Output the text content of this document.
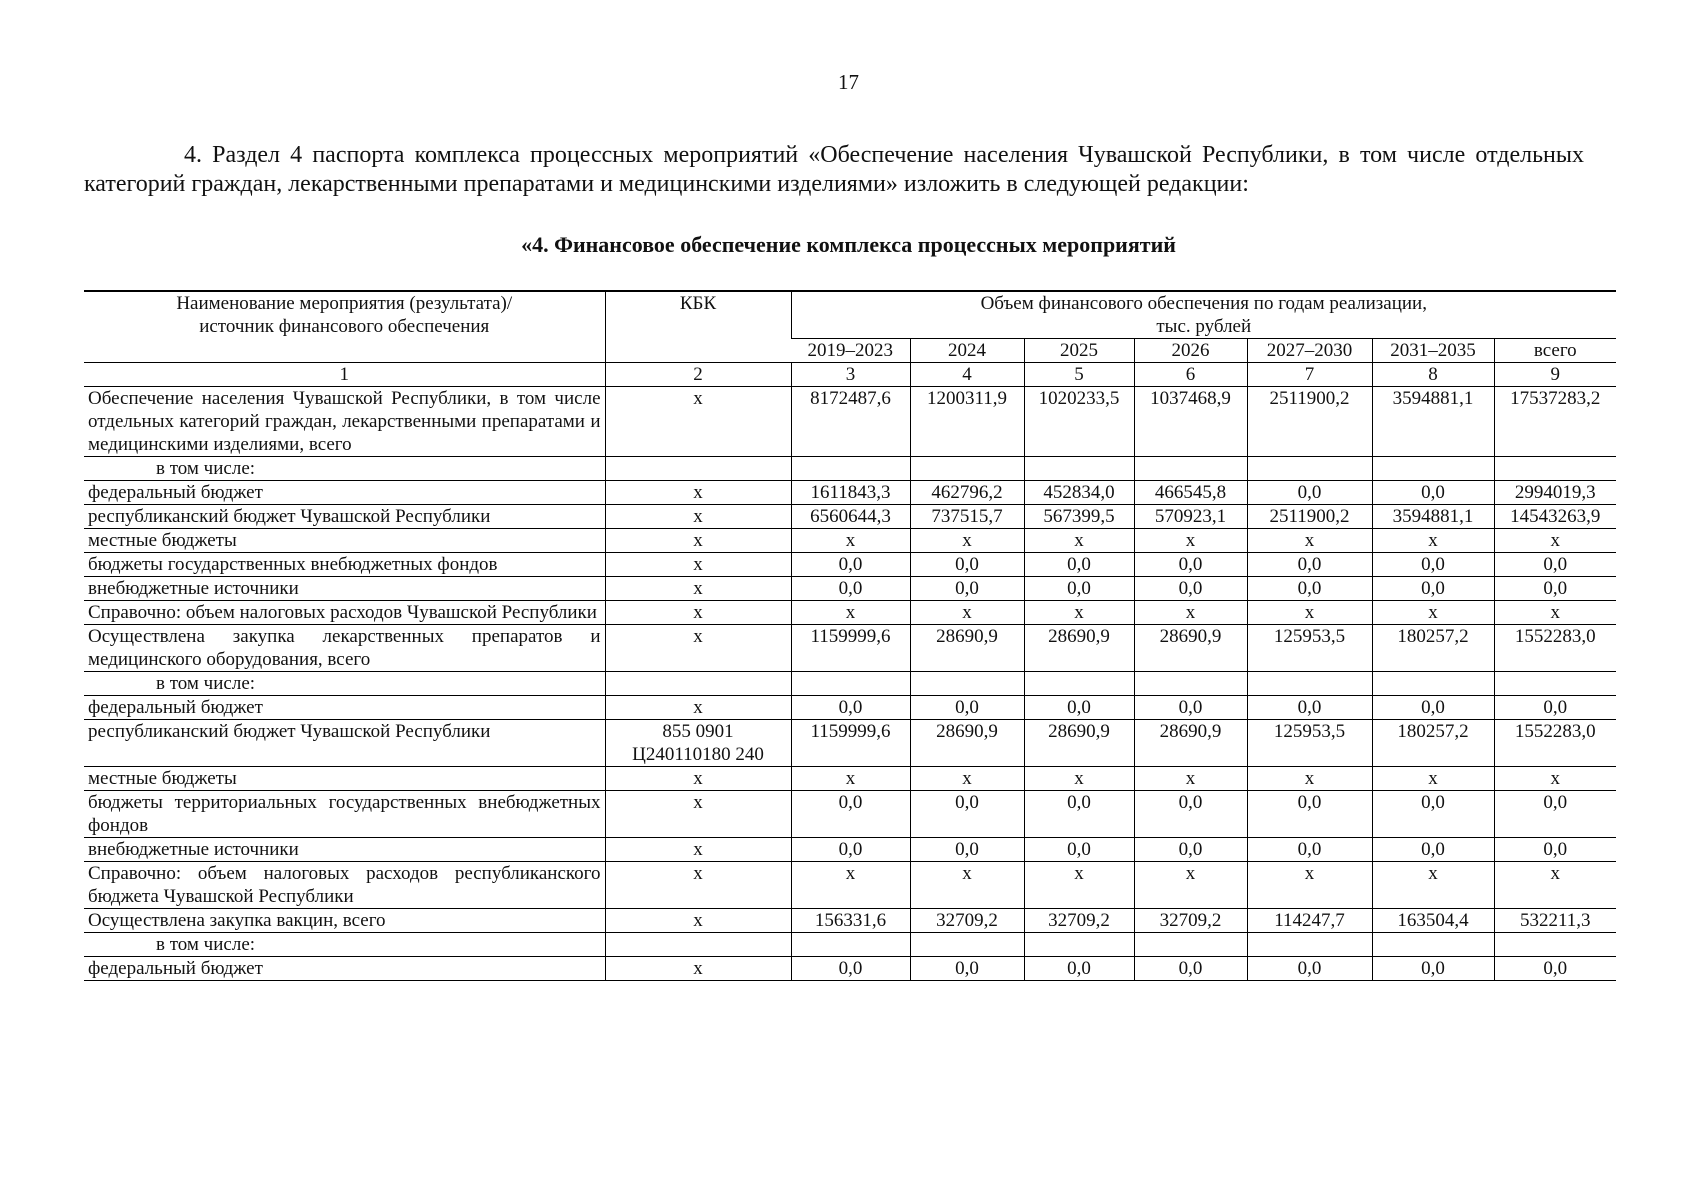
17

4. Раздел 4 паспорта комплекса процессных мероприятий «Обеспечение населения Чувашской Республики, в том числе отдельных категорий граждан, лекарственными препаратами и медицинскими изделиями» изложить в следующей редакции:

«4. Финансовое обеспечение комплекса процессных мероприятий
Наименование мероприятия (результата)/ источник финансового обеспечения	КБК	Объем финансового обеспечения по годам реализации, тыс. рублей						
		2019–2023	2024	2025	2026	2027–2030	2031–2035	всего
1	2	3	4	5	6	7	8	9
Обеспечение населения Чувашской Республики, в том числе отдельных категорий граждан, лекарственными препаратами и медицинскими изделиями, всего	х	8172487,6	1200311,9	1020233,5	1037468,9	2511900,2	3594881,1	17537283,2
в том числе:								
федеральный бюджет	х	1611843,3	462796,2	452834,0	466545,8	0,0	0,0	2994019,3
республиканский бюджет Чувашской Республики	х	6560644,3	737515,7	567399,5	570923,1	2511900,2	3594881,1	14543263,9
местные бюджеты	х	х	х	х	х	х	х	х
бюджеты государственных внебюджетных фондов	х	0,0	0,0	0,0	0,0	0,0	0,0	0,0
внебюджетные источники	х	0,0	0,0	0,0	0,0	0,0	0,0	0,0
Справочно: объем налоговых расходов Чувашской Республики	х	х	х	х	х	х	х	х
Осуществлена закупка лекарственных препаратов и медицинского оборудования, всего	х	1159999,6	28690,9	28690,9	28690,9	125953,5	180257,2	1552283,0
в том числе:								
федеральный бюджет	х	0,0	0,0	0,0	0,0	0,0	0,0	0,0
республиканский бюджет Чувашской Республики	855 0901 Ц240110180 240	1159999,6	28690,9	28690,9	28690,9	125953,5	180257,2	1552283,0
местные бюджеты	х	х	х	х	х	х	х	х
бюджеты территориальных государственных внебюджетных фондов	х	0,0	0,0	0,0	0,0	0,0	0,0	0,0
внебюджетные источники	х	0,0	0,0	0,0	0,0	0,0	0,0	0,0
Справочно: объем налоговых расходов республиканского бюджета Чувашской Республики	х	х	х	х	х	х	х	х
Осуществлена закупка вакцин, всего	х	156331,6	32709,2	32709,2	32709,2	114247,7	163504,4	532211,3
в том числе:								
федеральный бюджет	х	0,0	0,0	0,0	0,0	0,0	0,0	0,0
